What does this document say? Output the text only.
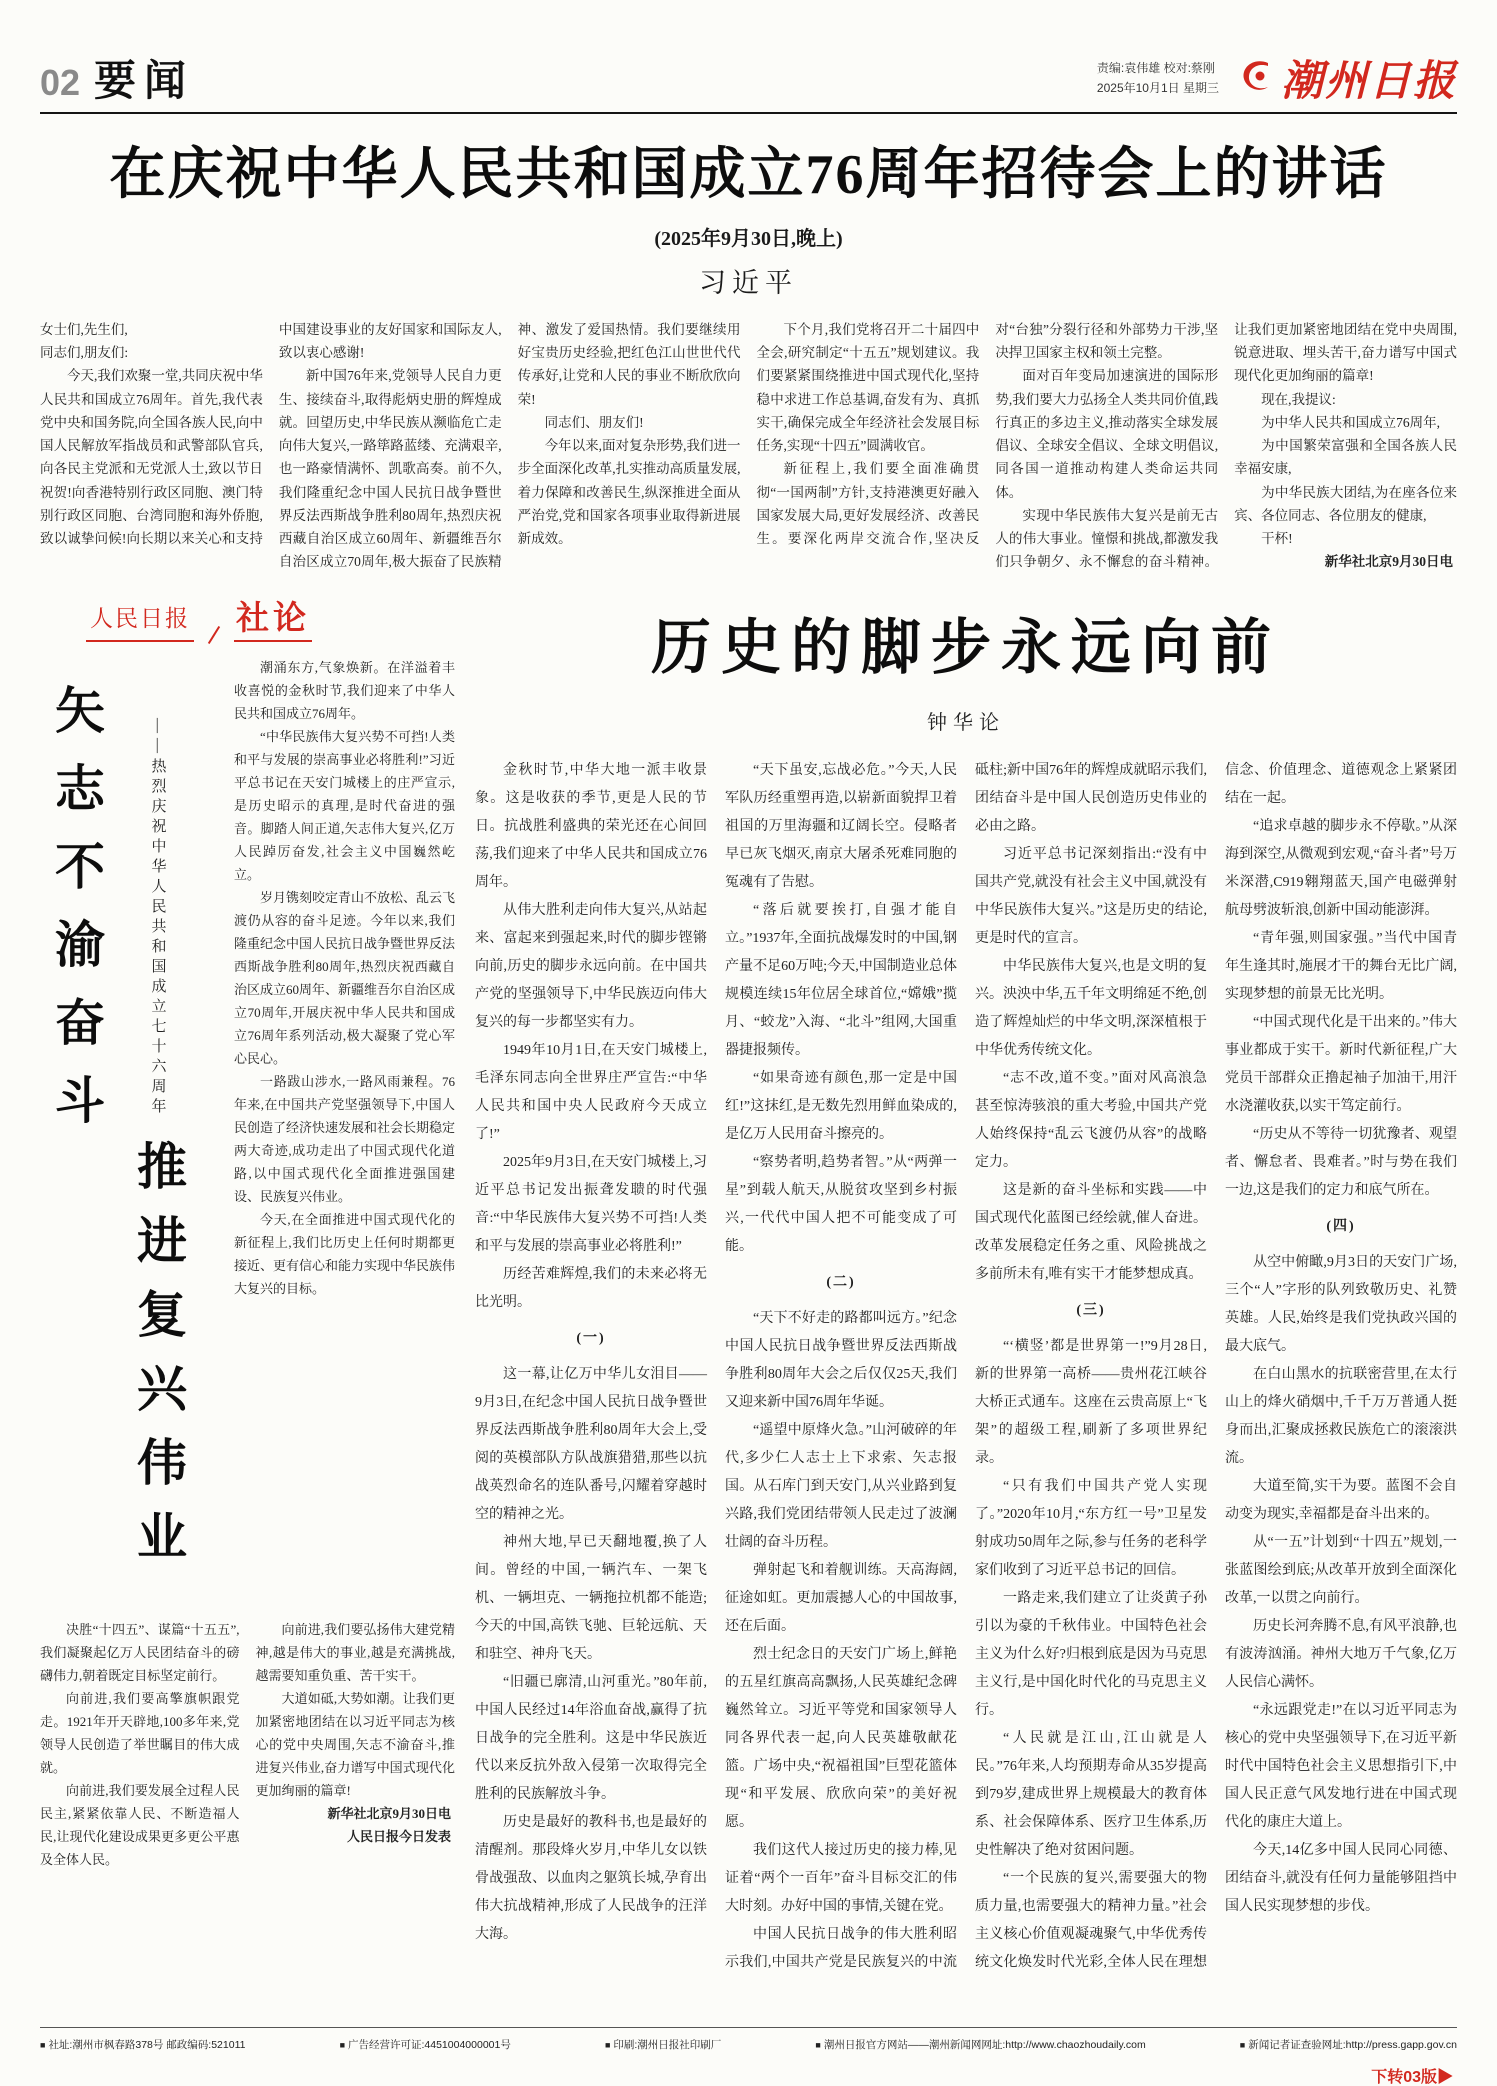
02 要闻	责编:袁伟雄 校对:蔡刚
2025年10月1日 星期三 潮州日报
在庆祝中华人民共和国成立76周年招待会上的讲话
(2025年9月30日,晚上)
习近平

女士们,先生们,

同志们,朋友们:

今天,我们欢聚一堂,共同庆祝中华人民共和国成立76周年。首先,我代表党中央和国务院,向全国各族人民,向中国人民解放军指战员和武警部队官兵,向各民主党派和无党派人士,致以节日祝贺!向香港特别行政区同胞、澳门特别行政区同胞、台湾同胞和海外侨胞,致以诚挚问候!向长期以来关心和支持中国建设事业的友好国家和国际友人,致以衷心感谢!

新中国76年来,党领导人民自力更生、接续奋斗,取得彪炳史册的辉煌成就。回望历史,中华民族从濒临危亡走向伟大复兴,一路筚路蓝缕、充满艰辛,也一路豪情满怀、凯歌高奏。前不久,我们隆重纪念中国人民抗日战争暨世界反法西斯战争胜利80周年,热烈庆祝西藏自治区成立60周年、新疆维吾尔自治区成立70周年,极大振奋了民族精神、激发了爱国热情。我们要继续用好宝贵历史经验,把红色江山世世代代传承好,让党和人民的事业不断欣欣向荣!

同志们、朋友们!

今年以来,面对复杂形势,我们进一步全面深化改革,扎实推动高质量发展,着力保障和改善民生,纵深推进全面从严治党,党和国家各项事业取得新进展新成效。

下个月,我们党将召开二十届四中全会,研究制定“十五五”规划建议。我们要紧紧围绕推进中国式现代化,坚持稳中求进工作总基调,奋发有为、真抓实干,确保完成全年经济社会发展目标任务,实现“十四五”圆满收官。

新征程上,我们要全面准确贯彻“一国两制”方针,支持港澳更好融入国家发展大局,更好发展经济、改善民生。要深化两岸交流合作,坚决反对“台独”分裂行径和外部势力干涉,坚决捍卫国家主权和领土完整。

面对百年变局加速演进的国际形势,我们要大力弘扬全人类共同价值,践行真正的多边主义,推动落实全球发展倡议、全球安全倡议、全球文明倡议,同各国一道推动构建人类命运共同体。

实现中华民族伟大复兴是前无古人的伟大事业。憧憬和挑战,都激发我们只争朝夕、永不懈怠的奋斗精神。让我们更加紧密地团结在党中央周围,锐意进取、埋头苦干,奋力谱写中国式现代化更加绚丽的篇章!

现在,我提议:

为中华人民共和国成立76周年,

为中国繁荣富强和全国各族人民幸福安康,

为中华民族大团结,为在座各位来宾、各位同志、各位朋友的健康,

干杯!

新华社北京9月30日电

人民日报 社论
矢志不渝奋斗	——热烈庆祝中华人民共和国成立七十六周年
推进复兴伟业

潮涌东方,气象焕新。在洋溢着丰收喜悦的金秋时节,我们迎来了中华人民共和国成立76周年。

“中华民族伟大复兴势不可挡!人类和平与发展的崇高事业必将胜利!”习近平总书记在天安门城楼上的庄严宣示,是历史昭示的真理,是时代奋进的强音。脚踏人间正道,矢志伟大复兴,亿万人民踔厉奋发,社会主义中国巍然屹立。

岁月镌刻咬定青山不放松、乱云飞渡仍从容的奋斗足迹。今年以来,我们隆重纪念中国人民抗日战争暨世界反法西斯战争胜利80周年,热烈庆祝西藏自治区成立60周年、新疆维吾尔自治区成立70周年,开展庆祝中华人民共和国成立76周年系列活动,极大凝聚了党心军心民心。

一路跋山涉水,一路风雨兼程。76年来,在中国共产党坚强领导下,中国人民创造了经济快速发展和社会长期稳定两大奇迹,成功走出了中国式现代化道路,以中国式现代化全面推进强国建设、民族复兴伟业。

今天,在全面推进中国式现代化的新征程上,我们比历史上任何时期都更接近、更有信心和能力实现中华民族伟大复兴的目标。

决胜“十四五”、谋篇“十五五”,我们凝聚起亿万人民团结奋斗的磅礴伟力,朝着既定目标坚定前行。

向前进,我们要高擎旗帜跟党走。1921年开天辟地,100多年来,党领导人民创造了举世瞩目的伟大成就。

向前进,我们要发展全过程人民民主,紧紧依靠人民、不断造福人民,让现代化建设成果更多更公平惠及全体人民。

向前进,我们要弘扬伟大建党精神,越是伟大的事业,越是充满挑战,越需要知重负重、苦干实干。

大道如砥,大势如潮。让我们更加紧密地团结在以习近平同志为核心的党中央周围,矢志不渝奋斗,推进复兴伟业,奋力谱写中国式现代化更加绚丽的篇章!

新华社北京9月30日电

人民日报今日发表

历史的脚步永远向前
钟华论

金秋时节,中华大地一派丰收景象。这是收获的季节,更是人民的节日。抗战胜利盛典的荣光还在心间回荡,我们迎来了中华人民共和国成立76周年。

从伟大胜利走向伟大复兴,从站起来、富起来到强起来,时代的脚步铿锵向前,历史的脚步永远向前。在中国共产党的坚强领导下,中华民族迈向伟大复兴的每一步都坚实有力。

1949年10月1日,在天安门城楼上,毛泽东同志向全世界庄严宣告:“中华人民共和国中央人民政府今天成立了!”

2025年9月3日,在天安门城楼上,习近平总书记发出振聋发聩的时代强音:“中华民族伟大复兴势不可挡!人类和平与发展的崇高事业必将胜利!”

历经苦难辉煌,我们的未来必将无比光明。

(一)

这一幕,让亿万中华儿女泪目——9月3日,在纪念中国人民抗日战争暨世界反法西斯战争胜利80周年大会上,受阅的英模部队方队战旗猎猎,那些以抗战英烈命名的连队番号,闪耀着穿越时空的精神之光。

神州大地,早已天翻地覆,换了人间。曾经的中国,一辆汽车、一架飞机、一辆坦克、一辆拖拉机都不能造;今天的中国,高铁飞驰、巨轮远航、天和驻空、神舟飞天。

“旧疆已廓清,山河重光。”80年前,中国人民经过14年浴血奋战,赢得了抗日战争的完全胜利。这是中华民族近代以来反抗外敌入侵第一次取得完全胜利的民族解放斗争。

历史是最好的教科书,也是最好的清醒剂。那段烽火岁月,中华儿女以铁骨战强敌、以血肉之躯筑长城,孕育出伟大抗战精神,形成了人民战争的汪洋大海。

“天下虽安,忘战必危。”今天,人民军队历经重塑再造,以崭新面貌捍卫着祖国的万里海疆和辽阔长空。侵略者早已灰飞烟灭,南京大屠杀死难同胞的冤魂有了告慰。

“落后就要挨打,自强才能自立。”1937年,全面抗战爆发时的中国,钢产量不足60万吨;今天,中国制造业总体规模连续15年位居全球首位,“嫦娥”揽月、“蛟龙”入海、“北斗”组网,大国重器捷报频传。

“如果奇迹有颜色,那一定是中国红!”这抹红,是无数先烈用鲜血染成的,是亿万人民用奋斗擦亮的。

“察势者明,趋势者智。”从“两弹一星”到载人航天,从脱贫攻坚到乡村振兴,一代代中国人把不可能变成了可能。

(二)

“天下不好走的路都叫远方。”纪念中国人民抗日战争暨世界反法西斯战争胜利80周年大会之后仅仅25天,我们又迎来新中国76周年华诞。

“遥望中原烽火急。”山河破碎的年代,多少仁人志士上下求索、矢志报国。从石库门到天安门,从兴业路到复兴路,我们党团结带领人民走过了波澜壮阔的奋斗历程。

弹射起飞和着舰训练。天高海阔,征途如虹。更加震撼人心的中国故事,还在后面。

烈士纪念日的天安门广场上,鲜艳的五星红旗高高飘扬,人民英雄纪念碑巍然耸立。习近平等党和国家领导人同各界代表一起,向人民英雄敬献花篮。广场中央,“祝福祖国”巨型花篮体现“和平发展、欣欣向荣”的美好祝愿。

我们这代人接过历史的接力棒,见证着“两个一百年”奋斗目标交汇的伟大时刻。办好中国的事情,关键在党。

中国人民抗日战争的伟大胜利昭示我们,中国共产党是民族复兴的中流砥柱;新中国76年的辉煌成就昭示我们,团结奋斗是中国人民创造历史伟业的必由之路。

习近平总书记深刻指出:“没有中国共产党,就没有社会主义中国,就没有中华民族伟大复兴。”这是历史的结论,更是时代的宣言。

中华民族伟大复兴,也是文明的复兴。泱泱中华,五千年文明绵延不绝,创造了辉煌灿烂的中华文明,深深植根于中华优秀传统文化。

“志不改,道不变。”面对风高浪急甚至惊涛骇浪的重大考验,中国共产党人始终保持“乱云飞渡仍从容”的战略定力。

这是新的奋斗坐标和实践——中国式现代化蓝图已经绘就,催人奋进。改革发展稳定任务之重、风险挑战之多前所未有,唯有实干才能梦想成真。

(三)

“‘横竖’都是世界第一!”9月28日,新的世界第一高桥——贵州花江峡谷大桥正式通车。这座在云贵高原上“飞架”的超级工程,刷新了多项世界纪录。

“只有我们中国共产党人实现了。”2020年10月,“东方红一号”卫星发射成功50周年之际,参与任务的老科学家们收到了习近平总书记的回信。

一路走来,我们建立了让炎黄子孙引以为豪的千秋伟业。中国特色社会主义为什么好?归根到底是因为马克思主义行,是中国化时代化的马克思主义行。

“人民就是江山,江山就是人民。”76年来,人均预期寿命从35岁提高到79岁,建成世界上规模最大的教育体系、社会保障体系、医疗卫生体系,历史性解决了绝对贫困问题。

“一个民族的复兴,需要强大的物质力量,也需要强大的精神力量。”社会主义核心价值观凝魂聚气,中华优秀传统文化焕发时代光彩,全体人民在理想信念、价值理念、道德观念上紧紧团结在一起。

“追求卓越的脚步永不停歇。”从深海到深空,从微观到宏观,“奋斗者”号万米深潜,C919翱翔蓝天,国产电磁弹射航母劈波斩浪,创新中国动能澎湃。

“青年强,则国家强。”当代中国青年生逢其时,施展才干的舞台无比广阔,实现梦想的前景无比光明。

“中国式现代化是干出来的。”伟大事业都成于实干。新时代新征程,广大党员干部群众正撸起袖子加油干,用汗水浇灌收获,以实干笃定前行。

“历史从不等待一切犹豫者、观望者、懈怠者、畏难者。”时与势在我们一边,这是我们的定力和底气所在。

(四)

从空中俯瞰,9月3日的天安门广场,三个“人”字形的队列致敬历史、礼赞英雄。人民,始终是我们党执政兴国的最大底气。

在白山黑水的抗联密营里,在太行山上的烽火硝烟中,千千万万普通人挺身而出,汇聚成拯救民族危亡的滚滚洪流。

大道至简,实干为要。蓝图不会自动变为现实,幸福都是奋斗出来的。

从“一五”计划到“十四五”规划,一张蓝图绘到底;从改革开放到全面深化改革,一以贯之向前行。

历史长河奔腾不息,有风平浪静,也有波涛汹涌。神州大地万千气象,亿万人民信心满怀。

“永远跟党走!”在以习近平同志为核心的党中央坚强领导下,在习近平新时代中国特色社会主义思想指引下,中国人民正意气风发地行进在中国式现代化的康庄大道上。

今天,14亿多中国人民同心同德、团结奋斗,就没有任何力量能够阻挡中国人民实现梦想的步伐。

下转03版▶
■ 社址:潮州市枫春路378号 邮政编码:521011	■ 广告经营许可证:4451004000001号	■ 印刷:潮州日报社印刷厂	■ 潮州日报官方网站——潮州新闻网网址:http://www.chaozhoudaily.com	■ 新闻记者证查验网址:http://press.gapp.gov.cn
